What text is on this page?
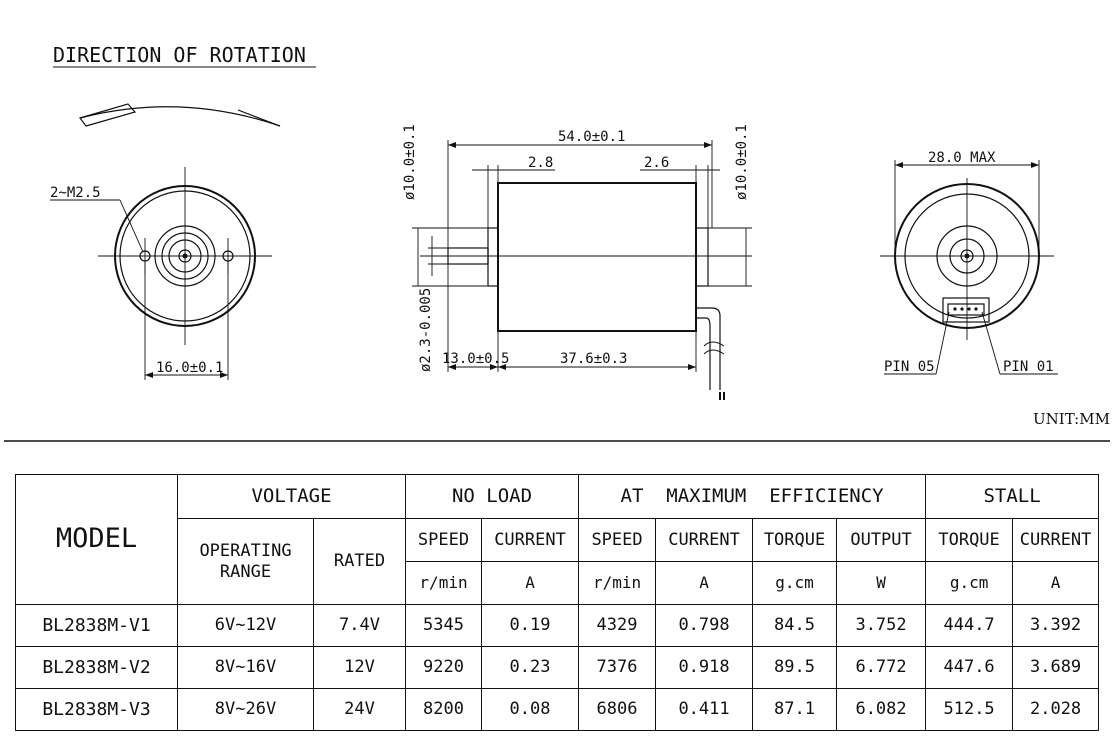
DIRECTION OF ROTATION
2~M2.5
16.0±0.1
54.0±0.1
2.8	2.6
ø10.0±0.1	ø10.0±0.1
ø2.3-0.005 13.0±0.5	37.6±0.3
28.0 MAX
PIN 05	PIN 01
UNIT:MM
MODEL	VOLTAGE		NO LOAD		AT  MAXIMUM  EFFICIENCY				STALL	
	OPERATING RANGE	RATED	SPEED	CURRENT	SPEED	CURRENT	TORQUE	OUTPUT	TORQUE	CURRENT
			r/min	A	r/min	A	g.cm	W	g.cm	A
BL2838M-V1	6V~12V	7.4V	5345	0.19	4329	0.798	84.5	3.752	444.7	3.392
BL2838M-V2	8V~16V	12V	9220	0.23	7376	0.918	89.5	6.772	447.6	3.689
BL2838M-V3	8V~26V	24V	8200	0.08	6806	0.411	87.1	6.082	512.5	2.028
